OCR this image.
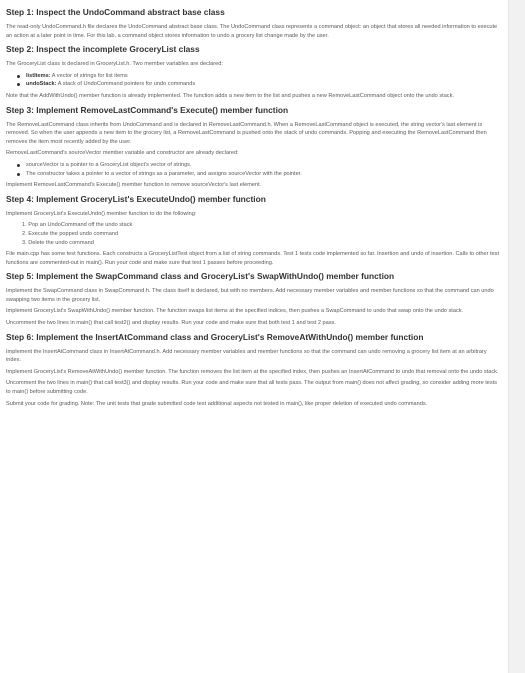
Step 1: Inspect the UndoCommand abstract base class

The read-only UndoCommand.h file declares the UndoCommand abstract base class. The UndoCommand class represents a command object: an object that stores all needed information to execute an action at a later point in time. For this lab, a command object stores information to undo a grocery list change made by the user.

Step 2: Inspect the incomplete GroceryList class

The GroceryList class is declared in GroceryList.h. Two member variables are declared:

listItems: A vector of strings for list items
undoStack: A stack of UndoCommand pointers for undo commands

Note that the AddWithUndo() member function is already implemented. The function adds a new item to the list and pushes a new RemoveLastCommand object onto the undo stack.

Step 3: Implement RemoveLastCommand's Execute() member function

The RemoveLastCommand class inherits from UndoCommand and is declared in RemoveLastCommand.h. When a RemoveLastCommand object is executed, the string vector's last element is removed. So when the user appends a new item to the grocery list, a RemoveLastCommand is pushed onto the stack of undo commands. Popping and executing the RemoveLastCommand then removes the item most recently added by the user.

RemoveLastCommand's sourceVector member variable and constructor are already declared:

sourceVector is a pointer to a GroceryList object's vector of strings.
The constructor takes a pointer to a vector of strings as a parameter, and assigns sourceVector with the pointer.

Implement RemoveLastCommand's Execute() member function to remove sourceVector's last element.

Step 4: Implement GroceryList's ExecuteUndo() member function

Implement GroceryList's ExecuteUndo() member function to do the following:

1. Pop an UndoCommand off the undo stack
2. Execute the popped undo command
3. Delete the undo command

File main.cpp has some test functions. Each constructs a GroceryListTest object from a list of string commands. Test 1 tests code implemented so far. Insertion and undo of insertion. Calls to other test functions are commented-out in main(). Run your code and make sure that test 1 passes before proceeding.

Step 5: Implement the SwapCommand class and GroceryList's SwapWithUndo() member function

Implement the SwapCommand class in SwapCommand.h. The class itself is declared, but with no members. Add necessary member variables and member functions so that the command can undo swapping two items in the grocery list.

Implement GroceryList's SwapWithUndo() member function. The function swaps list items at the specified indices, then pushes a SwapCommand to undo that swap onto the undo stack.

Uncomment the two lines in main() that call test2() and display results. Run your code and make sure that both test 1 and test 2 pass.

Step 6: Implement the InsertAtCommand class and GroceryList's RemoveAtWithUndo() member function

Implement the InsertAtCommand class in InsertAtCommand.h. Add necessary member variables and member functions so that the command can undo removing a grocery list item at an arbitrary index.

Implement GroceryList's RemoveAtWithUndo() member function. The function removes the list item at the specified index, then pushes an InsertAtCommand to undo that removal onto the undo stack.

Uncomment the two lines in main() that call test3() and display results. Run your code and make sure that all tests pass. The output from main() does not affect grading, so consider adding more tests to main() before submitting code.

Submit your code for grading. Note: The unit tests that grade submitted code test additional aspects not tested in main(), like proper deletion of executed undo commands.
